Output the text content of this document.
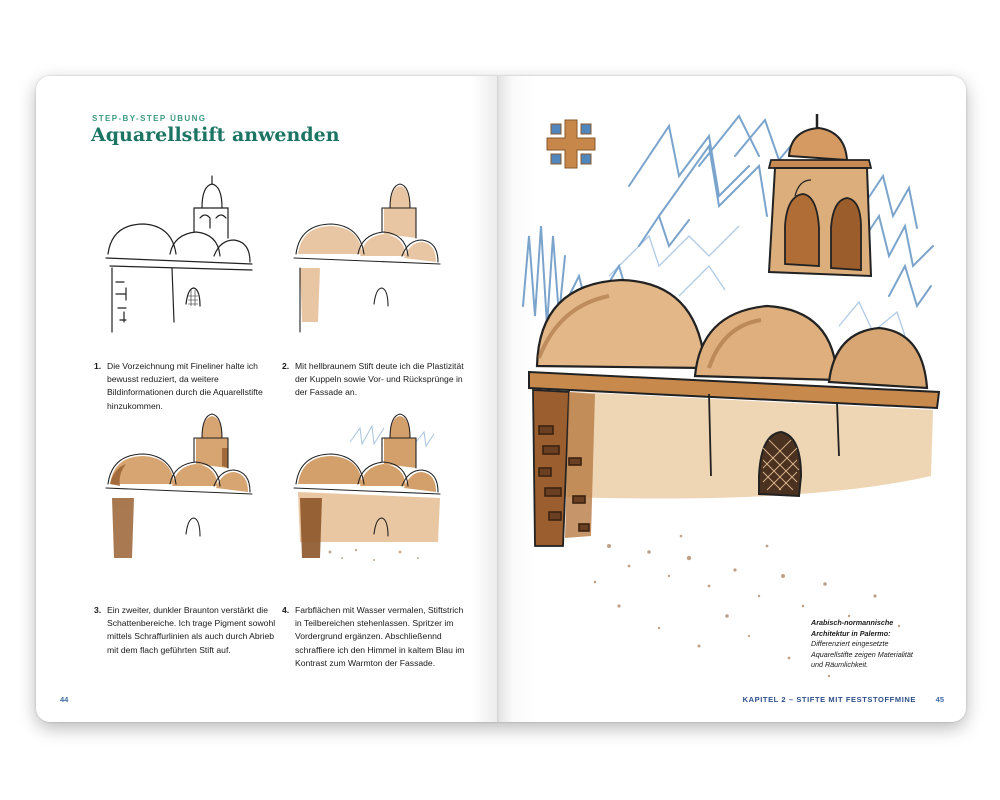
STEP-BY-STEP ÜBUNG
Aquarellstift anwenden
1. Die Vorzeichnung mit Fineliner halte ich bewusst reduziert, da weitere Bildinformationen durch die Aquarellstifte hinzukommen.
2. Mit hellbraunem Stift deute ich die Plastizität der Kuppeln sowie Vor- und Rücksprünge in der Fassade an.
3. Ein zweiter, dunkler Braunton verstärkt die Schattenbereiche. Ich trage Pigment sowohl mittels Schraffurlinien als auch durch Abrieb mit dem flach geführten Stift auf.
4. Farbflächen mit Wasser vermalen, Stiftstrich in Teilbereichen stehenlassen. Spritzer im Vordergrund ergänzen. Abschließennd schraffiere ich den Himmel in kaltem Blau im Kontrast zum Warmton der Fassade.
44
Arabisch-normannische Architektur in Palermo: Differenziert eingesetzte Aquarellstifte zeigen Materialität und Räumlichkeit.
KAPITEL 2 – STIFTE MIT FESTSTOFFMINE	45
